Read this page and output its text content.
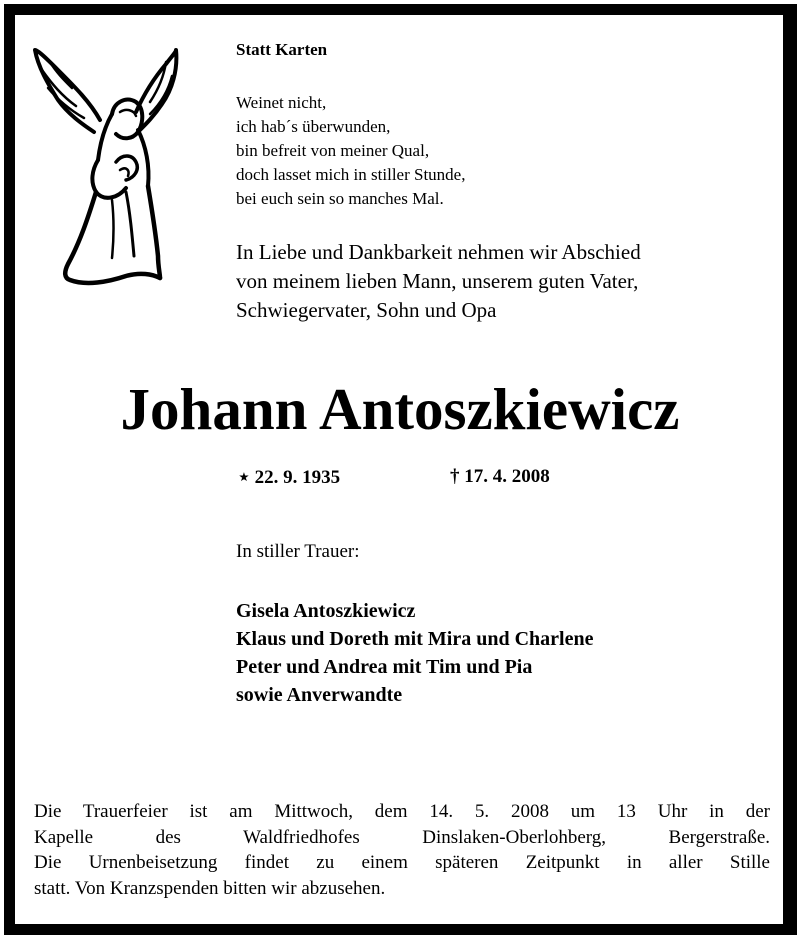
Statt Karten
Weinet nicht,
ich hab´s überwunden,
bin befreit von meiner Qual,
doch lasset mich in stiller Stunde,
bei euch sein so manches Mal.
In Liebe und Dankbarkeit nehmen wir Abschied
von meinem lieben Mann, unserem guten Vater,
Schwiegervater, Sohn und Opa
Johann Antoszkiewicz
⋆ 22. 9. 1935	† 17. 4. 2008
In stiller Trauer:
Gisela Antoszkiewicz
Klaus und Doreth mit Mira und Charlene
Peter und Andrea mit Tim und Pia
sowie Anverwandte
Die Trauerfeier ist am Mittwoch, dem 14. 5. 2008 um 13 Uhr in der
Kapelle des Waldfriedhofes Dinslaken-Oberlohberg, Bergerstraße.
Die Urnenbeisetzung findet zu einem späteren Zeitpunkt in aller Stille
statt. Von Kranzspenden bitten wir abzusehen.
